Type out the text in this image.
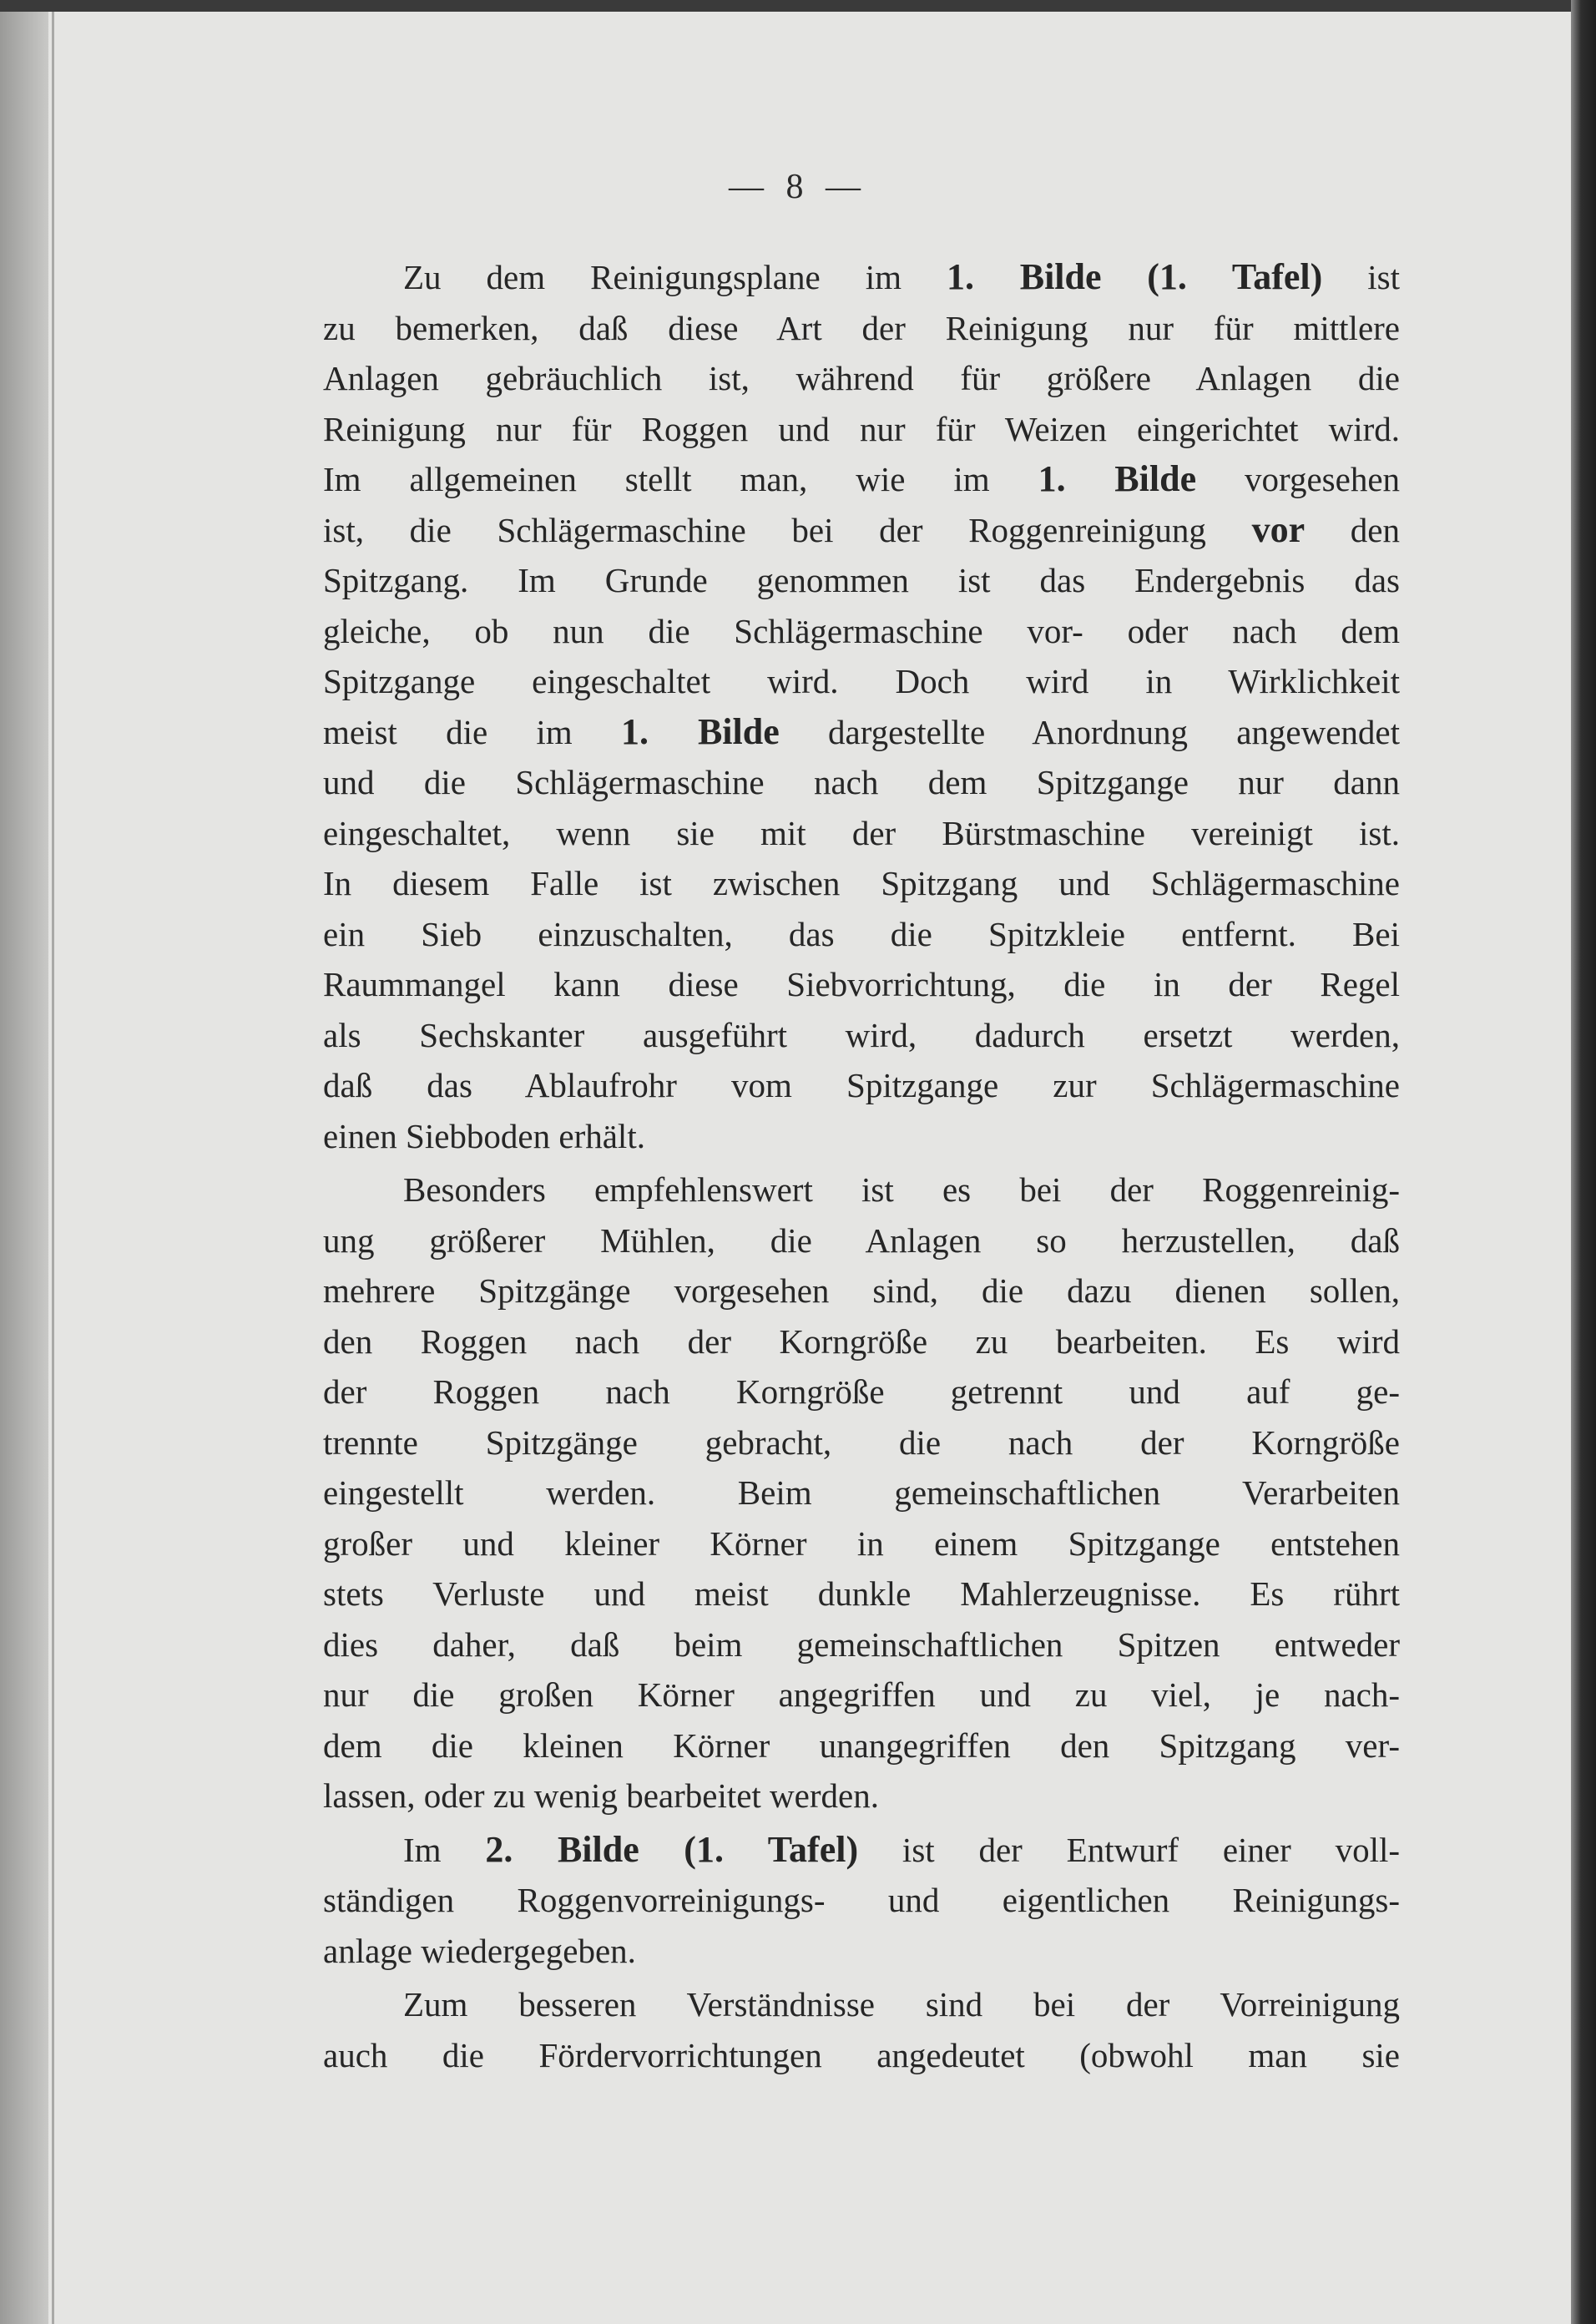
— 8 —
Zu dem Reinigungsplane im 1. Bilde (1. Tafel) ist
zu bemerken, daß diese Art der Reinigung nur für mittlere
Anlagen gebräuchlich ist, während für größere Anlagen die
Reinigung nur für Roggen und nur für Weizen eingerichtet wird.
Im allgemeinen stellt man, wie im 1. Bilde vorgesehen
ist, die Schlägermaschine bei der Roggenreinigung vor den
Spitzgang. Im Grunde genommen ist das Endergebnis das
gleiche, ob nun die Schlägermaschine vor- oder nach dem
Spitzgange eingeschaltet wird. Doch wird in Wirklichkeit
meist die im 1. Bilde dargestellte Anordnung angewendet
und die Schlägermaschine nach dem Spitzgange nur dann
eingeschaltet, wenn sie mit der Bürstmaschine vereinigt ist.
In diesem Falle ist zwischen Spitzgang und Schlägermaschine
ein Sieb einzuschalten, das die Spitzkleie entfernt. Bei
Raummangel kann diese Siebvorrichtung, die in der Regel
als Sechskanter ausgeführt wird, dadurch ersetzt werden,
daß das Ablaufrohr vom Spitzgange zur Schlägermaschine
einen Siebboden erhält.
Besonders empfehlenswert ist es bei der Roggenreinig-
ung größerer Mühlen, die Anlagen so herzustellen, daß
mehrere Spitzgänge vorgesehen sind, die dazu dienen sollen,
den Roggen nach der Korngröße zu bearbeiten. Es wird
der Roggen nach Korngröße getrennt und auf ge-
trennte Spitzgänge gebracht, die nach der Korngröße
eingestellt werden. Beim gemeinschaftlichen Verarbeiten
großer und kleiner Körner in einem Spitzgange entstehen
stets Verluste und meist dunkle Mahlerzeugnisse. Es rührt
dies daher, daß beim gemeinschaftlichen Spitzen entweder
nur die großen Körner angegriffen und zu viel, je nach-
dem die kleinen Körner unangegriffen den Spitzgang ver-
lassen, oder zu wenig bearbeitet werden.
Im 2. Bilde (1. Tafel) ist der Entwurf einer voll-
ständigen Roggenvorreinigungs- und eigentlichen Reinigungs-
anlage wiedergegeben.
Zum besseren Verständnisse sind bei der Vorreinigung
auch die Fördervorrichtungen angedeutet (obwohl man sie
